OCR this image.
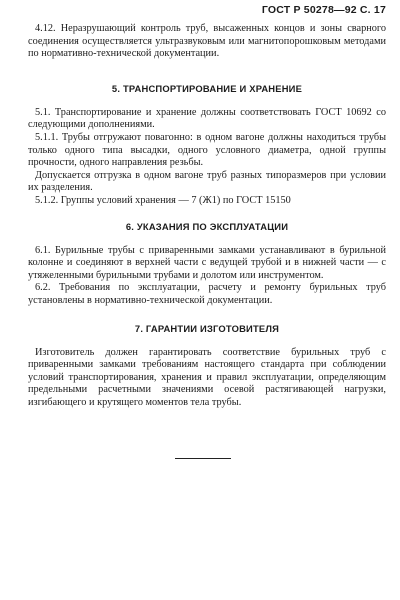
ГОСТ Р 50278—92 С. 17

4.12. Неразрушающий контроль труб, высаженных концов и зоны сварного соединения осуществляется ультразвуковым или магнитопорошковым методами по нормативно-технической документации.

5. ТРАНСПОРТИРОВАНИЕ И ХРАНЕНИЕ

5.1. Транспортирование и хранение должны соответствовать ГОСТ 10692 со следующими дополнениями.

5.1.1. Трубы отгружают повагонно: в одном вагоне должны находиться трубы только одного типа высадки, одного условного диаметра, одной группы прочности, одного направления резьбы.

Допускается отгрузка в одном вагоне труб разных типоразмеров при условии их разделения.

5.1.2. Группы условий хранения — 7 (Ж1) по ГОСТ 15150

6. УКАЗАНИЯ ПО ЭКСПЛУАТАЦИИ

6.1. Бурильные трубы с приваренными замками устанавливают в бурильной колонне и соединяют в верхней части с ведущей трубой и в нижней части — с утяжеленными бурильными трубами и долотом или инструментом.

6.2. Требования по эксплуатации, расчету и ремонту бурильных труб установлены в нормативно-технической документации.

7. ГАРАНТИИ ИЗГОТОВИТЕЛЯ

Изготовитель должен гарантировать соответствие бурильных труб с приваренными замками требованиям настоящего стандарта при соблюдении условий транспортирования, хранения и правил эксплуатации, определяющим предельными расчетными значениями осевой растягивающей нагрузки, изгибающего и крутящего моментов тела трубы.
